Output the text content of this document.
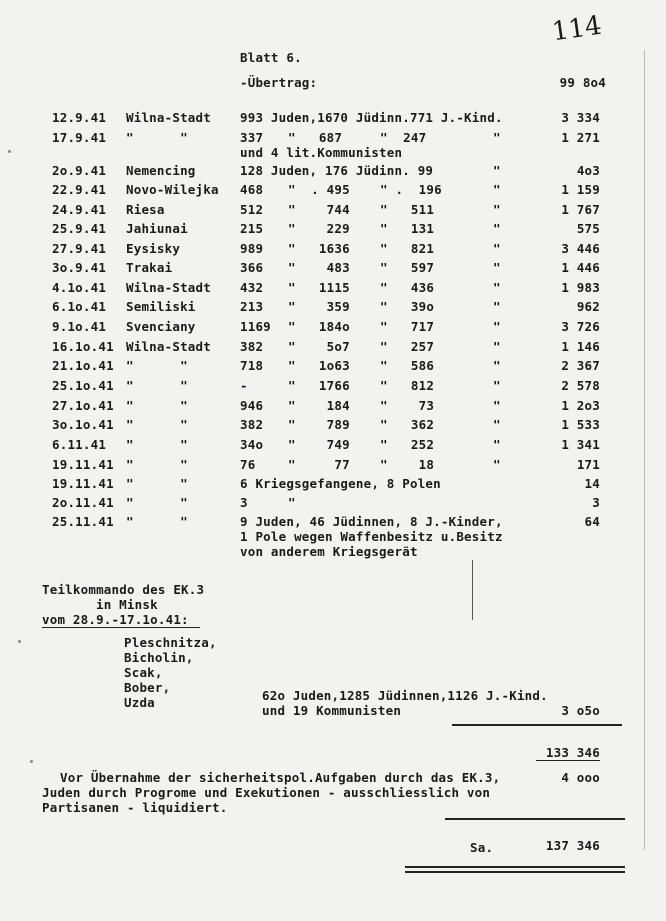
114
Blatt 6.
-Übertrag:	99 8o4
12.9.41 Wilna-Stadt 993 Juden,1670 Jüdinn.771 J.-Kind.	3 334
17.9.41 "      "	337 "   687	"  247	"	1 271
und 4 lit.Kommunisten
2o.9.41 Nemencing	128 Juden, 176 Jüdinn. 99	"	4o3
22.9.41 Novo-Wilejka 468 "  . 495 " .  196	"	1 159
24.9.41 Riesa	512 "    744 "   511	"	1 767
25.9.41 Jahiunai	215 "    229 "   131	"	575
27.9.41 Eysisky	989 "   1636 "   821	"	3 446
3o.9.41 Trakai	366 "    483 "   597	"	1 446
4.1o.41 Wilna-Stadt 432 "   1115 "   436	"	1 983
6.1o.41 Semiliski	213 "    359 "   39o	"	962
9.1o.41 Svenciany	1169 "   184o "   717	"	3 726
16.1o.41 Wilna-Stadt 382 "    5o7 "   257	"	1 146
21.1o.41 "      "	718 "   1o63 "   586	"	2 367
25.1o.41 "      "	-	"   1766 "   812	"	2 578
27.1o.41 "      "	946 "    184 "    73	"	1 2o3
3o.1o.41 "      "	382 "    789 "   362	"	1 533
6.11.41 "      "	34o "    749 "   252	"	1 341
19.11.41 "      "	76	"     77 "    18	"	171
19.11.41 "      "	6 Kriegsgefangene, 8 Polen	14
2o.11.41 "      "	3	"	3
25.11.41 "      "	9 Juden, 46 Jüdinnen, 8 J.-Kinder,	64
1 Pole wegen Waffenbesitz u.Besitz
von anderem Kriegsgerät
Teilkommando des EK.3
in Minsk
vom 28.9.-17.1o.41:
Pleschnitza,
Bicholin,
Scak,
Bober,
Uzda	62o Juden,1285 Jüdinnen,1126 J.-Kind.
und 19 Kommunisten	3 o5o
133 346
Vor Übernahme der sicherheitspol.Aufgaben durch das EK.3,
Juden durch Progrome und Exekutionen - ausschliesslich von
Partisanen - liquidiert.
4 ooo
Sa.	137 346
